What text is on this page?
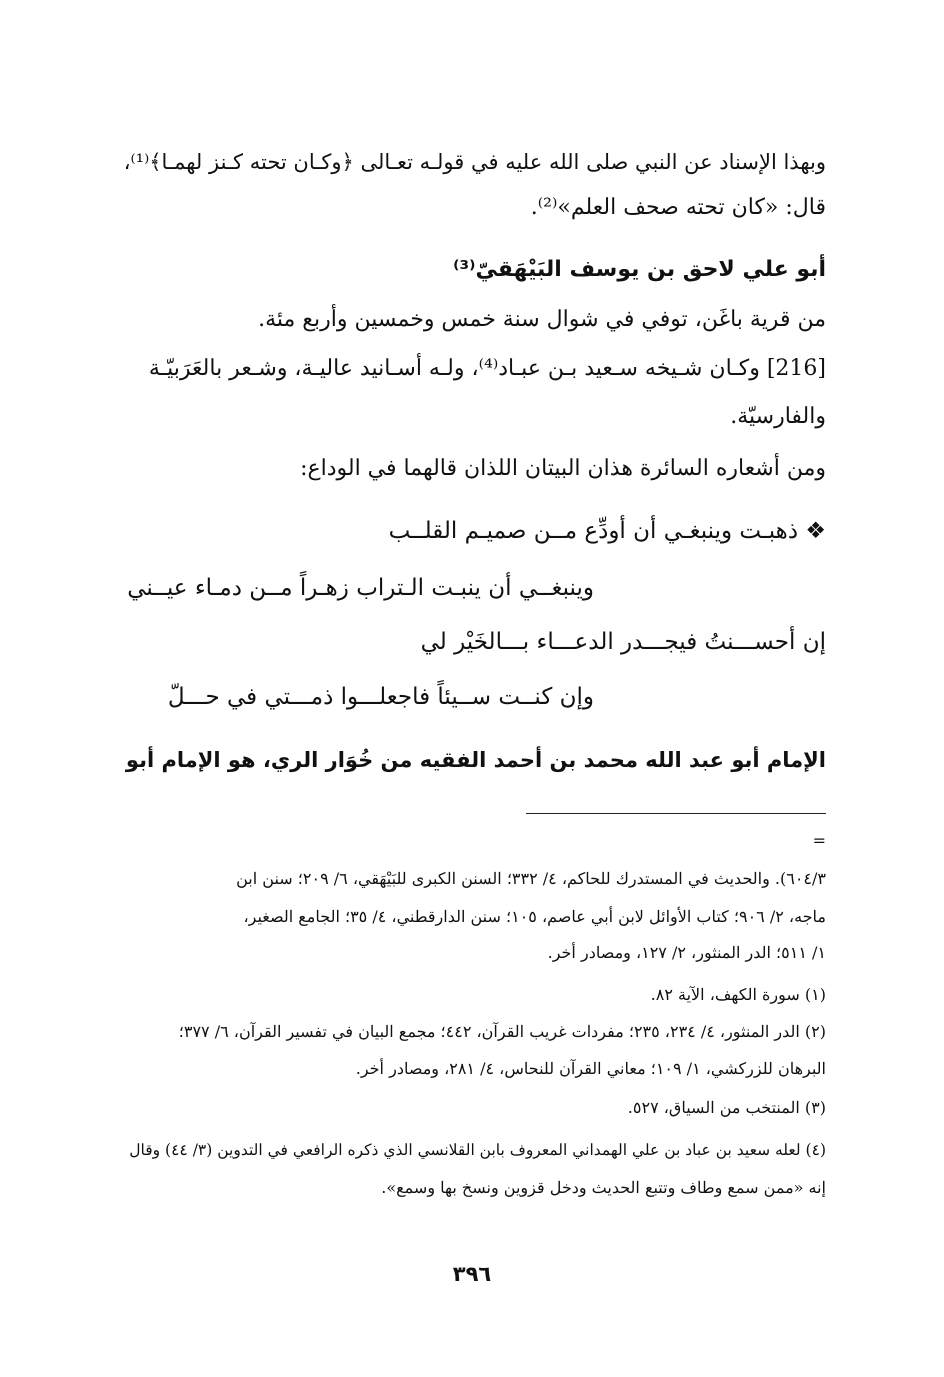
وبهذا الإسناد عن النبي صلى الله عليه في قولـه تعـالى ﴿وكـان تحته كـنز لهمـا﴾⁽¹⁾،
قال: «كان تحته صحف العلم»⁽²⁾.
أبو علي لاحق بن يوسف البَيْهَقيّ⁽³⁾
من قرية باغَن، توفي في شوال سنة خمس وخمسين وأربع مئة.
[216] وكـان شـيخه سـعيد بـن عبـاد⁽⁴⁾، ولـه أسـانيد عاليـة، وشـعر بالعَرَبيّـة
والفارسيّة.
ومن أشعاره السائرة هذان البيتان اللذان قالهما في الوداع:
❖ ذهبـت وينبغـي أن أودِّع مــن صميـم القلــب
وينبغــي أن ينبـت الـتراب زهـراً مــن دمـاء عيــني
إن أحســـنتُ فيجـــدر الدعـــاء بـــالخَيْر لي
وإن كنــت ســيئاً فاجعلـــوا ذمـــتي في حـــلّ
الإمام أبو عبد الله محمد بن أحمد الفقيه من خُوَار الري، هو الإمام أبو
=
٦٠٤/٣). والحديث في المستدرك للحاكم، ٤/ ٣٣٢؛ السنن الكبرى للبَيْهَقي، ٦/ ٢٠٩؛ سنن ابن
ماجه، ٢/ ٩٠٦؛ كتاب الأوائل لابن أبي عاصم، ١٠٥؛ سنن الدارقطني، ٤/ ٣٥؛ الجامع الصغير،
١/ ٥١١؛ الدر المنثور، ٢/ ١٢٧، ومصادر أخر.
(١) سورة الكهف، الآية ٨٢.
(٢) الدر المنثور، ٤/ ٢٣٤، ٢٣٥؛ مفردات غريب القرآن، ٤٤٢؛ مجمع البيان في تفسير القرآن، ٦/ ٣٧٧؛
البرهان للزركشي، ١/ ١٠٩؛ معاني القرآن للنحاس، ٤/ ٢٨١، ومصادر أخر.
(٣) المنتخب من السياق، ٥٢٧.
(٤) لعله سعيد بن عباد بن علي الهمداني المعروف بابن القلانسي الذي ذكره الرافعي في التدوين (٣/ ٤٤) وقال
إنه «ممن سمع وطاف وتتبع الحديث ودخل قزوين ونسخ بها وسمع».
٣٩٦
